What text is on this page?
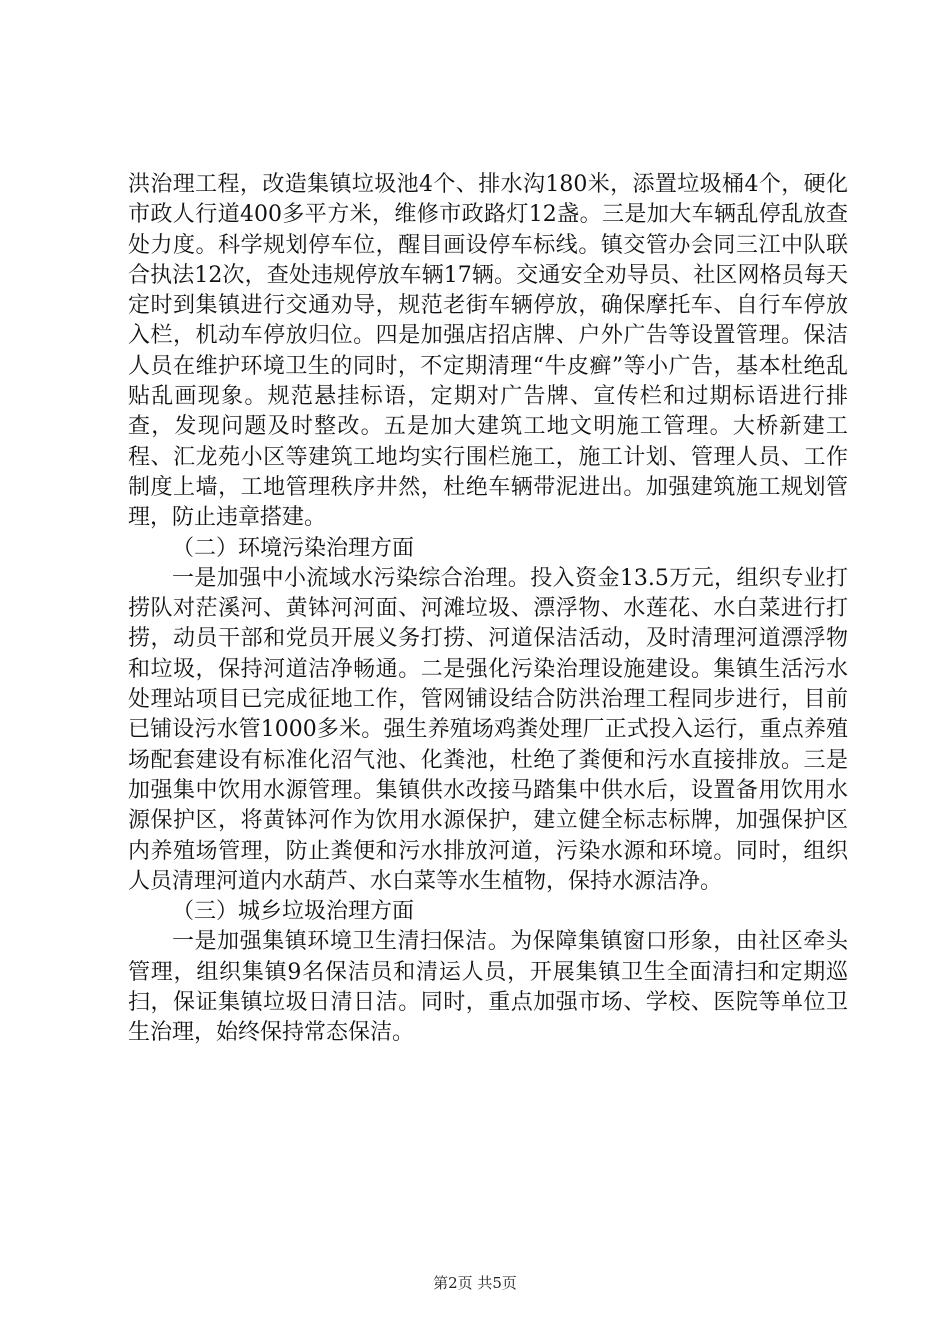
洪治理工程，改造集镇垃圾池4个、排水沟180米，添置垃圾桶4个，硬化市政人行道400多平方米，维修市政路灯12盏。三是加大车辆乱停乱放查处力度。科学规划停车位，醒目画设停车标线。镇交管办会同三江中队联合执法12次，查处违规停放车辆17辆。交通安全劝导员、社区网格员每天定时到集镇进行交通劝导，规范老街车辆停放，确保摩托车、自行车停放入栏，机动车停放归位。四是加强店招店牌、户外广告等设置管理。保洁人员在维护环境卫生的同时，不定期清理“牛皮癣”等小广告，基本杜绝乱贴乱画现象。规范悬挂标语，定期对广告牌、宣传栏和过期标语进行排查，发现问题及时整改。五是加大建筑工地文明施工管理。大桥新建工程、汇龙苑小区等建筑工地均实行围栏施工，施工计划、管理人员、工作制度上墙，工地管理秩序井然，杜绝车辆带泥进出。加强建筑施工规划管理，防止违章搭建。

（二）环境污染治理方面

一是加强中小流域水污染综合治理。投入资金13.5万元，组织专业打捞队对茫溪河、黄钵河河面、河滩垃圾、漂浮物、水莲花、水白菜进行打捞，动员干部和党员开展义务打捞、河道保洁活动，及时清理河道漂浮物和垃圾，保持河道洁净畅通。二是强化污染治理设施建设。集镇生活污水处理站项目已完成征地工作，管网铺设结合防洪治理工程同步进行，目前已铺设污水管1000多米。强生养殖场鸡粪处理厂正式投入运行，重点养殖场配套建设有标准化沼气池、化粪池，杜绝了粪便和污水直接排放。三是加强集中饮用水源管理。集镇供水改接马踏集中供水后，设置备用饮用水源保护区，将黄钵河作为饮用水源保护，建立健全标志标牌，加强保护区内养殖场管理，防止粪便和污水排放河道，污染水源和环境。同时，组织人员清理河道内水葫芦、水白菜等水生植物，保持水源洁净。

（三）城乡垃圾治理方面

一是加强集镇环境卫生清扫保洁。为保障集镇窗口形象，由社区牵头管理，组织集镇9名保洁员和清运人员，开展集镇卫生全面清扫和定期巡扫，保证集镇垃圾日清日洁。同时，重点加强市场、学校、医院等单位卫生治理，始终保持常态保洁。

第2页 共5页
